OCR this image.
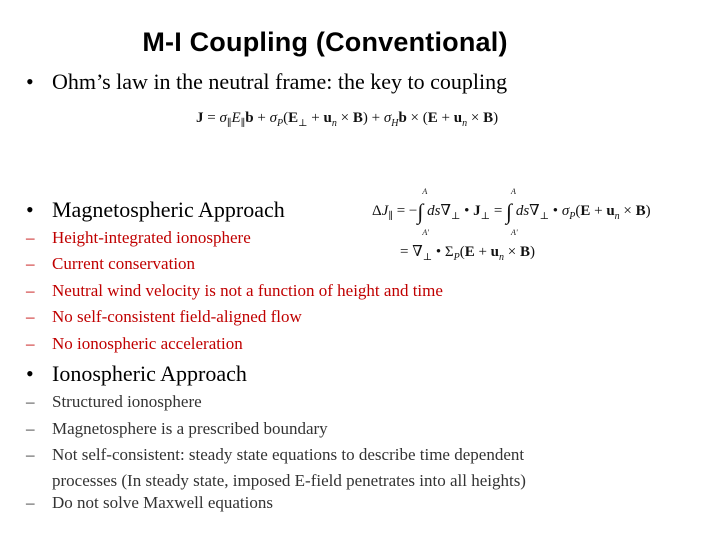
M-I Coupling (Conventional)
• Ohm’s law in the neutral frame: the key to coupling
$J = \sigma_\parallel E_\parallel b + \sigma_P(E_\perp + u_n \times B) + \sigma_Hb \times (E + u_n \times B)$
• Magnetospheric Approach	$\Delta J_\parallel$ = −∫
A
A'
$ds\nabla_\perp$ • $J_\perp$ = ∫
A
A'
$ds\nabla_\perp$ • $\sigma_P(E + u_n \times B)$
= $\nabla_\perp$ • $\Sigma_P(E + u_n \times B)$
– Height-integrated ionosphere
– Current conservation
– Neutral wind velocity is not a function of height and time
– No self-consistent field-aligned flow
– No ionospheric acceleration
• Ionospheric Approach
– Structured ionosphere
– Magnetosphere is a prescribed boundary
– Not self-consistent: steady state equations to describe time dependent
processes (In steady state, imposed E-field penetrates into all heights)
– Do not solve Maxwell equations
